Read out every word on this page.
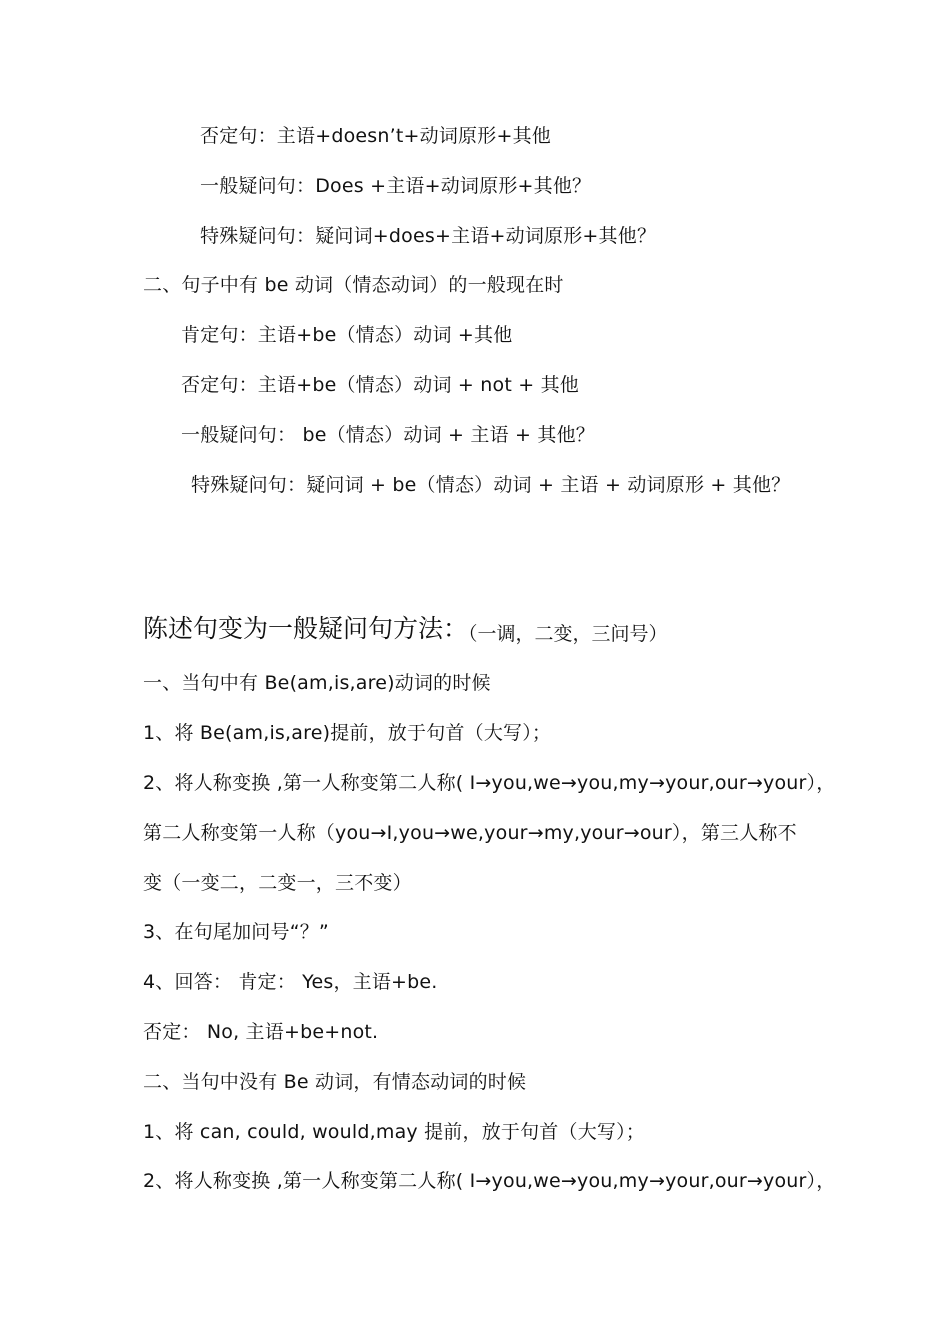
否定句：主语+doesn’t+动词原形+其他
一般疑问句：Does +主语+动词原形+其他？
特殊疑问句：疑问词+does+主语+动词原形+其他？
二、句子中有 be 动词（情态动词）的一般现在时
肯定句：主语+be（情态）动词 +其他
否定句：主语+be（情态）动词 + not + 其他
一般疑问句： be（情态）动词 + 主语 + 其他？
特殊疑问句：疑问词 + be（情态）动词 + 主语 + 动词原形 + 其他？
陈述句变为一般疑问句方法：（一调，二变，三问号）
一、当句中有 Be(am,is,are)动词的时候
1、将 Be(am,is,are)提前，放于句首（大写）；
2、将人称变换 ,第一人称变第二人称( I→you,we→you,my→your,our→your），
第二人称变第一人称（you→I,you→we,your→my,your→our），第三人称不
变（一变二，二变一，三不变）
3、在句尾加问号“？”
4、回答： 肯定： Yes，主语+be.
否定： No, 主语+be+not.
二、当句中没有 Be 动词，有情态动词的时候
1、将 can, could, would,may 提前，放于句首（大写）；
2、将人称变换 ,第一人称变第二人称( I→you,we→you,my→your,our→your），
